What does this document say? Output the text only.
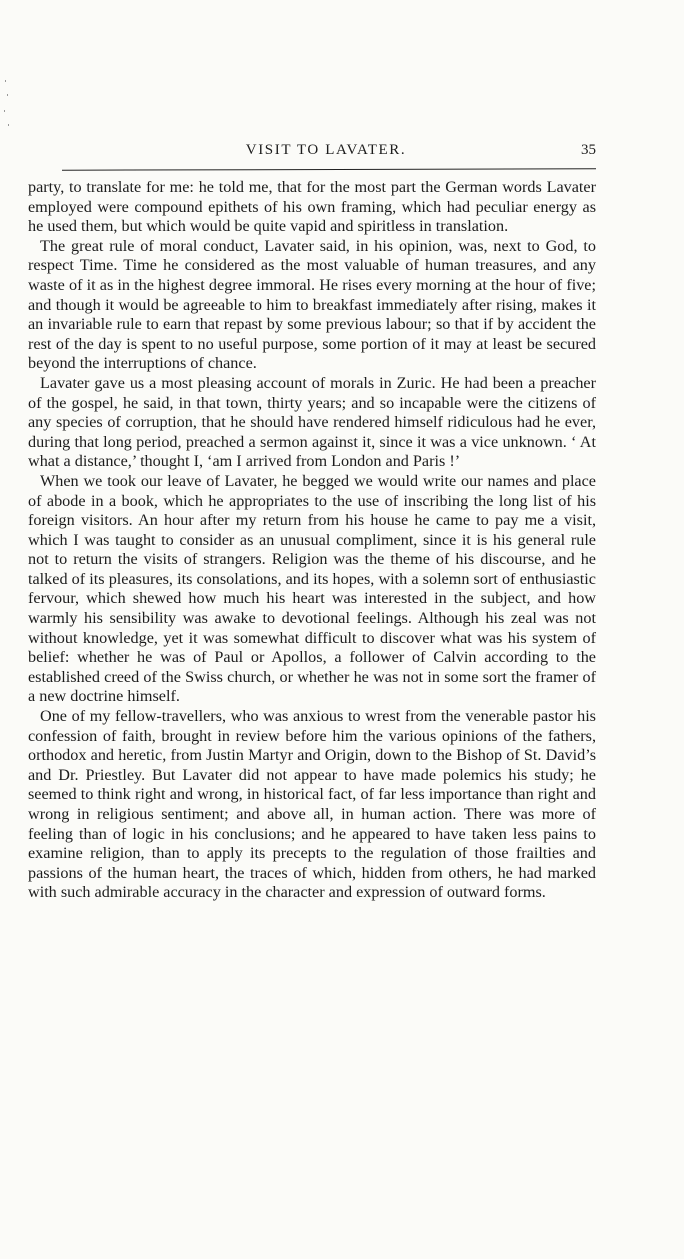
VISIT TO LAVATER.	35

party, to translate for me: he told me, that for the most part the German words Lavater employed were compound epithets of his own framing, which had peculiar energy as he used them, but which would be quite vapid and spiritless in translation.

The great rule of moral conduct, Lavater said, in his opinion, was, next to God, to respect Time. Time he considered as the most valuable of human treasures, and any waste of it as in the highest degree immoral. He rises every morning at the hour of five; and though it would be agreeable to him to breakfast immediately after rising, makes it an invariable rule to earn that repast by some previous labour; so that if by accident the rest of the day is spent to no useful purpose, some portion of it may at least be secured beyond the interruptions of chance.

Lavater gave us a most pleasing account of morals in Zuric. He had been a preacher of the gospel, he said, in that town, thirty years; and so incapable were the citizens of any species of corruption, that he should have rendered himself ridiculous had he ever, during that long period, preached a sermon against it, since it was a vice unknown. ‘ At what a distance,’ thought I, ‘am I arrived from London and Paris !’

When we took our leave of Lavater, he begged we would write our names and place of abode in a book, which he appropriates to the use of inscribing the long list of his foreign visitors. An hour after my return from his house he came to pay me a visit, which I was taught to consider as an unusual compliment, since it is his general rule not to return the visits of strangers. Religion was the theme of his discourse, and he talked of its pleasures, its consolations, and its hopes, with a solemn sort of enthusiastic fervour, which shewed how much his heart was interested in the subject, and how warmly his sensibility was awake to devotional feelings. Although his zeal was not without knowledge, yet it was somewhat difficult to discover what was his system of belief: whether he was of Paul or Apollos, a follower of Calvin according to the established creed of the Swiss church, or whether he was not in some sort the framer of a new doctrine himself.

One of my fellow-travellers, who was anxious to wrest from the venerable pastor his confession of faith, brought in review before him the various opinions of the fathers, orthodox and heretic, from Justin Martyr and Origin, down to the Bishop of St. David’s and Dr. Priestley. But Lavater did not appear to have made polemics his study; he seemed to think right and wrong, in historical fact, of far less importance than right and wrong in religious sentiment; and above all, in human action. There was more of feeling than of logic in his conclusions; and he appeared to have taken less pains to examine religion, than to apply its precepts to the regulation of those frailties and passions of the human heart, the traces of which, hidden from others, he had marked with such admirable accuracy in the character and expression of outward forms.
